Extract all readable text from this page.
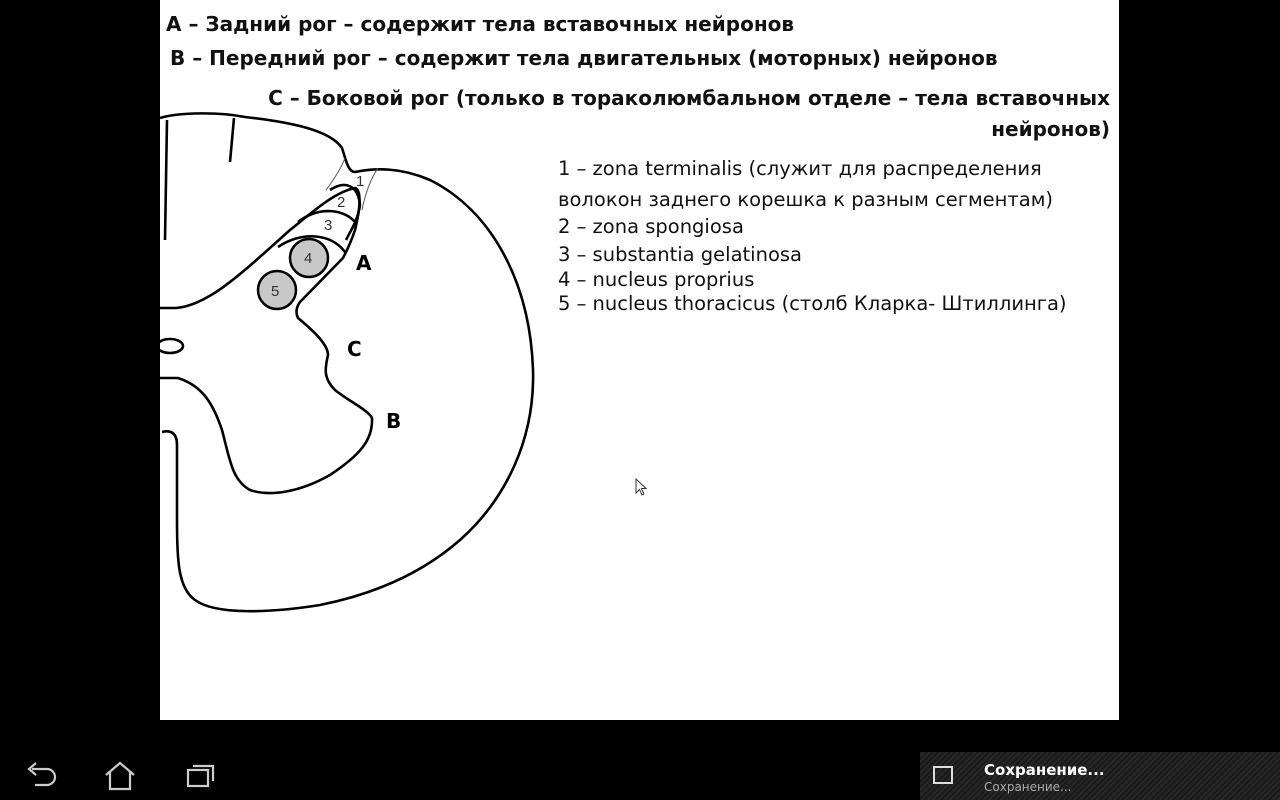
A – Задний рог – содержит тела вставочных нейронов
B – Передний рог – содержит тела двигательных (моторных) нейронов
C – Боковой рог (только в тораколюмбальном отделе – тела вставочных
нейронов)
1 – zona terminalis (служит для распределения
волокон заднего корешка к разным сегментам)
2 – zona spongiosa
3 – substantia gelatinosa
4 – nucleus proprius
5 – nucleus thoracicus (столб Кларка- Штиллинга)
1
2
3
4
5
A
C
B
Сохранение...
Сохранение...
